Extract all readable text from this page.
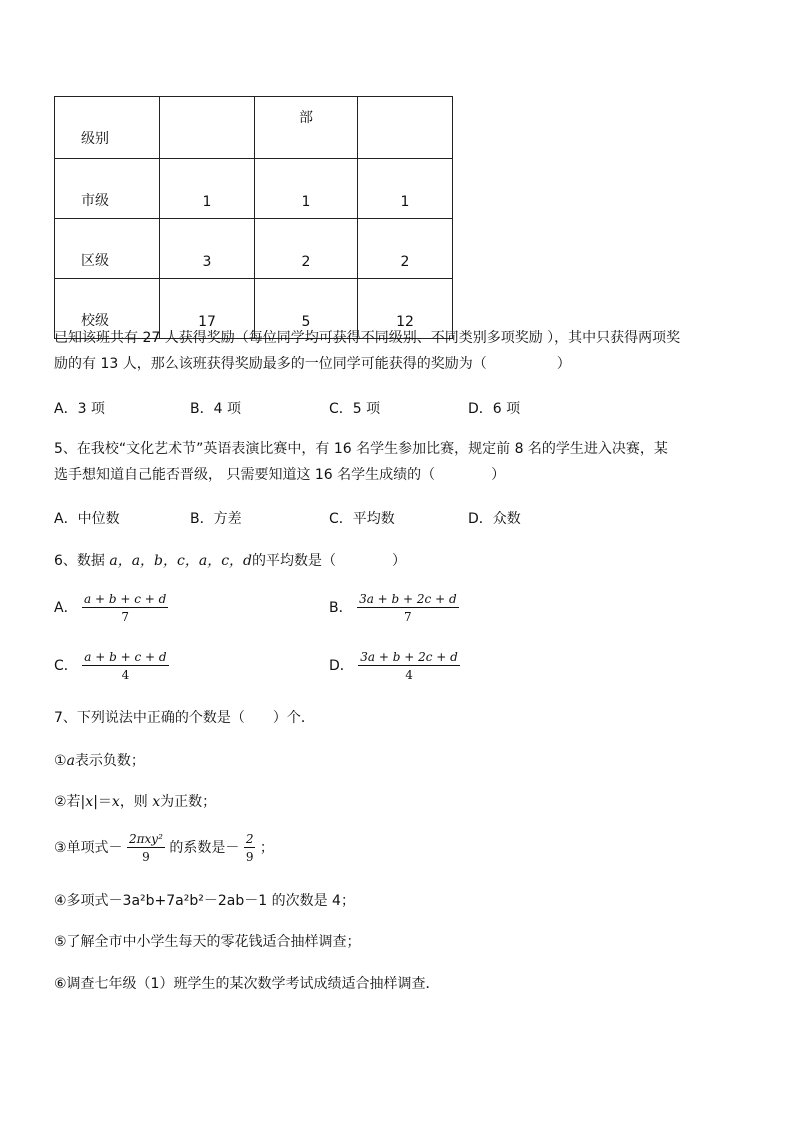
级别		部	
市级	1	1	1
区级	3	2	2
校级	17	5	12
已知该班共有 27 人获得奖励（每位同学均可获得不同级别、不同类别多项奖励 ），其中只获得两项奖
励的有 13 人，那么该班获得奖励最多的一位同学可能获得的奖励为（　　　　　）
A．3 项	B．4 项	C．5 项	D．6 项
5、在我校“文化艺术节”英语表演比赛中，有 16 名学生参加比赛，规定前 8 名的学生进入决赛，某
选手想知道自己能否晋级， 只需要知道这 16 名学生成绩的（　　　　）
A．中位数	B．方差	C．平均数	D．众数
6、数据 a，a，b，c，a，c，d的平均数是（　　　　）
A． $\frac{a + b + c + d}{7}$	B． $\frac{3a + b + 2c + d}{7}$
C． $\frac{a + b + c + d}{4}$	D． $\frac{3a + b + 2c + d}{4}$
7、下列说法中正确的个数是（　　）个．
①a表示负数；
②若|x|＝x，则 x为正数；
③单项式－ $\frac{\text{2πxy²}}{9}$ 的系数是－ $\frac{2}{9}$ ；
④多项式－3a²b+7a²b²－2ab－1 的次数是 4；
⑤了解全市中小学生每天的零花钱适合抽样调查；
⑥调查七年级（1）班学生的某次数学考试成绩适合抽样调查．
